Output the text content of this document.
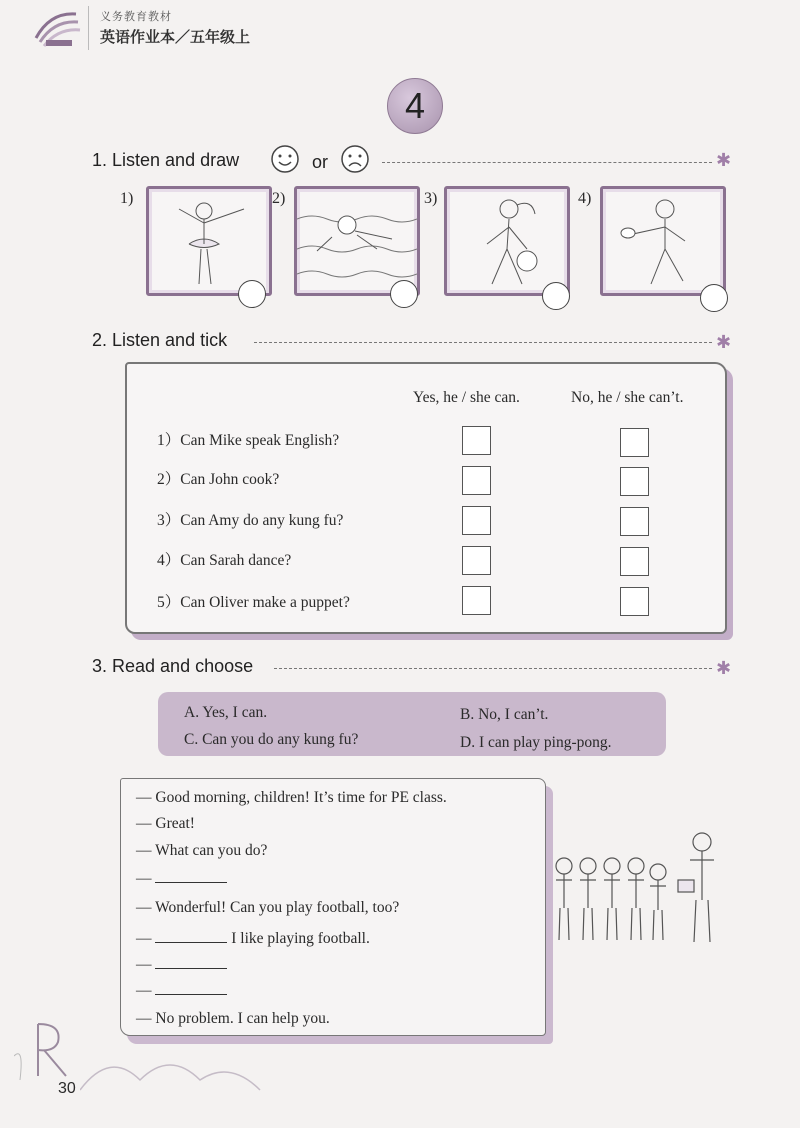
义务教育教材
英语作业本／五年级上
4
1. Listen and draw	or	✱
1)	2)	3)	4)
2. Listen and tick	✱
Yes, he / she can.	No, he / she can’t.
1）Can Mike speak English?
2）Can John cook?
3）Can Amy do any kung fu?
4）Can Sarah dance?
5）Can Oliver make a puppet?
3. Read and choose	✱
A. Yes, I can.	B. No, I can’t.
C. Can you do any kung fu?	D. I can play ping-pong.
— Good morning, children! It’s time for PE class.
— Great!
— What can you do?
—
— Wonderful! Can you play football, too?
—	I like playing football.
—
—
— No problem. I can help you.
30
